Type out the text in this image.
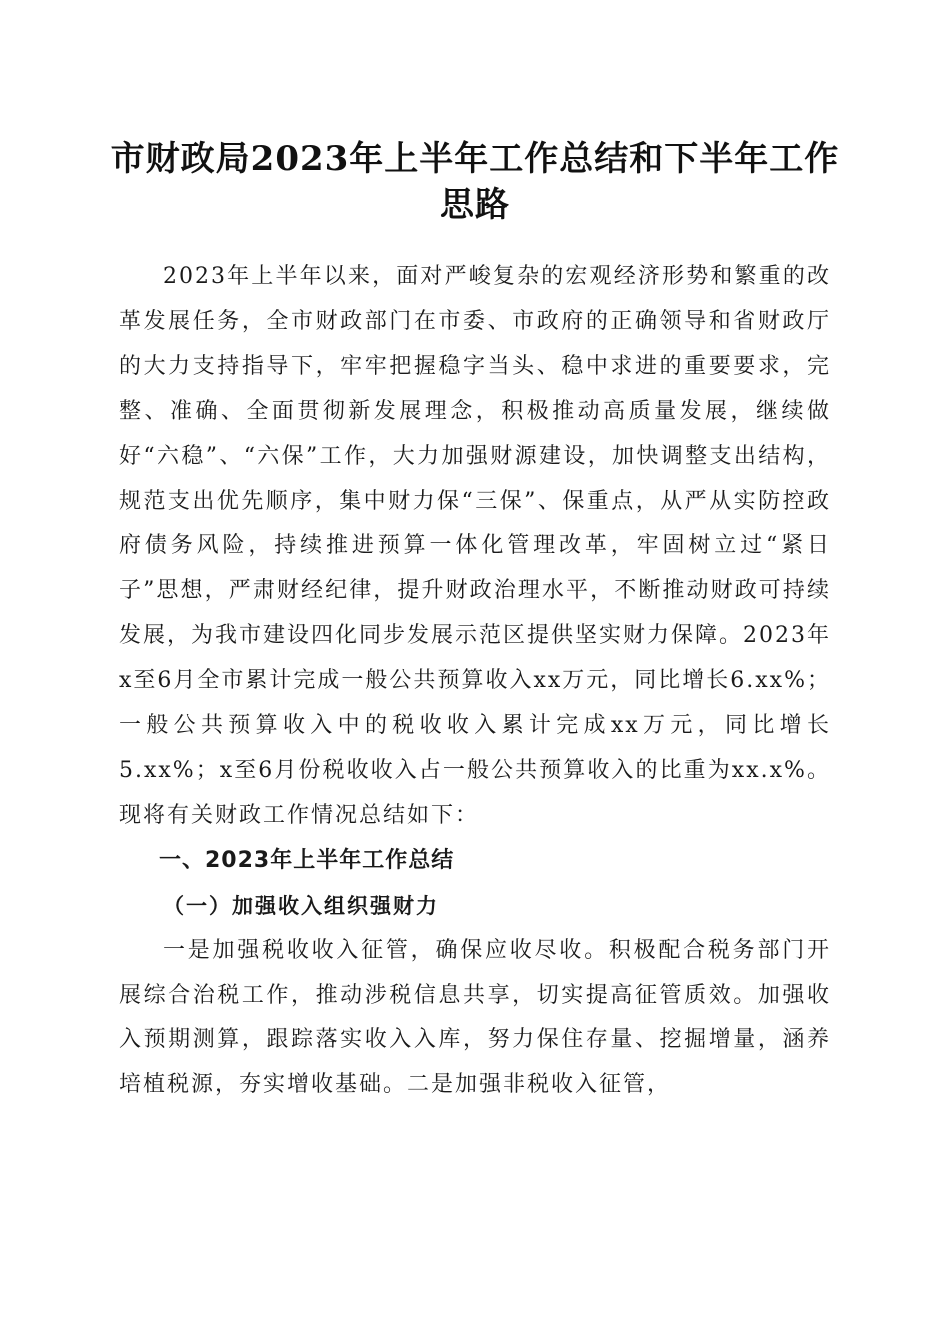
市财政局2023年上半年工作总结和下半年工作思路

2023年上半年以来，面对严峻复杂的宏观经济形势和繁重的改革发展任务，全市财政部门在市委、市政府的正确领导和省财政厅的大力支持指导下，牢牢把握稳字当头、稳中求进的重要要求，完整、准确、全面贯彻新发展理念，积极推动高质量发展，继续做好“六稳”、“六保”工作，大力加强财源建设，加快调整支出结构，规范支出优先顺序，集中财力保“三保”、保重点，从严从实防控政府债务风险，持续推进预算一体化管理改革，牢固树立过“紧日子”思想，严肃财经纪律，提升财政治理水平，不断推动财政可持续发展，为我市建设四化同步发展示范区提供坚实财力保障。2023年x至6月全市累计完成一般公共预算收入xx万元，同比增长6.xx%；一般公共预算收入中的税收收入累计完成xx万元，同比增长5.xx%；x至6月份税收收入占一般公共预算收入的比重为xx.x%。现将有关财政工作情况总结如下：

一、2023年上半年工作总结

（一）加强收入组织强财力

一是加强税收收入征管，确保应收尽收。积极配合税务部门开展综合治税工作，推动涉税信息共享，切实提高征管质效。加强收入预期测算，跟踪落实收入入库，努力保住存量、挖掘增量，涵养培植税源，夯实增收基础。二是加强非税收入征管，
